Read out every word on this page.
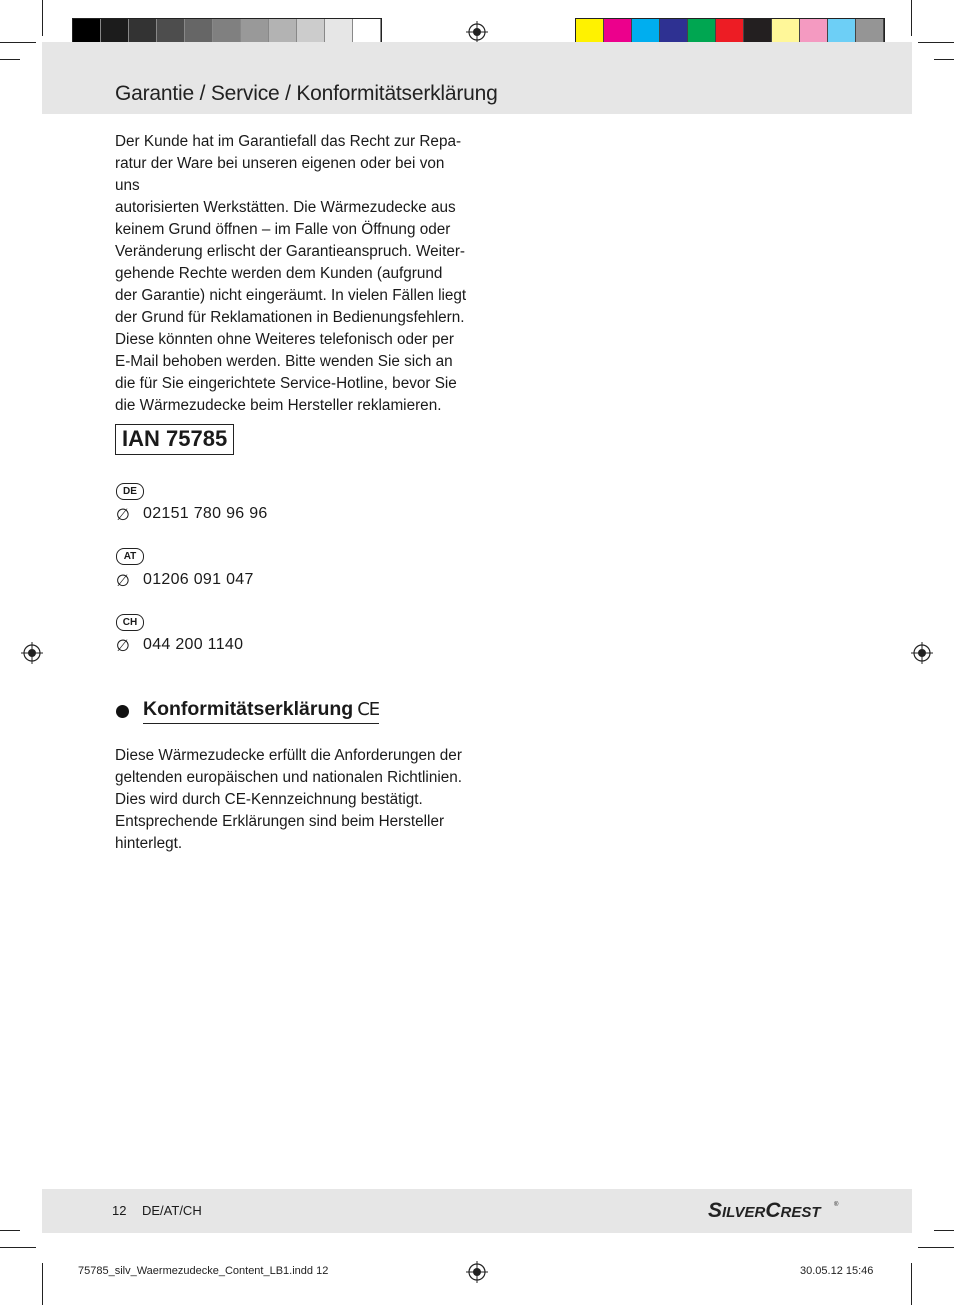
Garantie / Service / Konformitätserklärung

Der Kunde hat im Garantiefall das Recht zur Repa-
ratur der Ware bei unseren eigenen oder bei von uns
autorisierten Werkstätten. Die Wärmezudecke aus
keinem Grund öffnen – im Falle von Öffnung oder
Veränderung erlischt der Garantieanspruch. Weiter-
gehende Rechte werden dem Kunden (aufgrund
der Garantie) nicht eingeräumt. In vielen Fällen liegt
der Grund für Reklamationen in Bedienungsfehlern.
Diese könnten ohne Weiteres telefonisch oder per
E-Mail behoben werden. Bitte wenden Sie sich an
die für Sie eingerichtete Service-Hotline, bevor Sie
die Wärmezudecke beim Hersteller reklamieren.

IAN 75785
DE
∅ 02151 780 96 96
AT
∅ 01206 091 047
CH
∅ 044 200 1140
Konformitätserklärung CE

Diese Wärmezudecke erfüllt die Anforderungen der
geltenden europäischen und nationalen Richtlinien.
Dies wird durch CE-Kennzeichnung bestätigt.
Entsprechende Erklärungen sind beim Hersteller
hinterlegt.

12 DE/AT/CH	SILVERCREST	®
75785_silv_Waermezudecke_Content_LB1.indd 12	30.05.12 15:46
